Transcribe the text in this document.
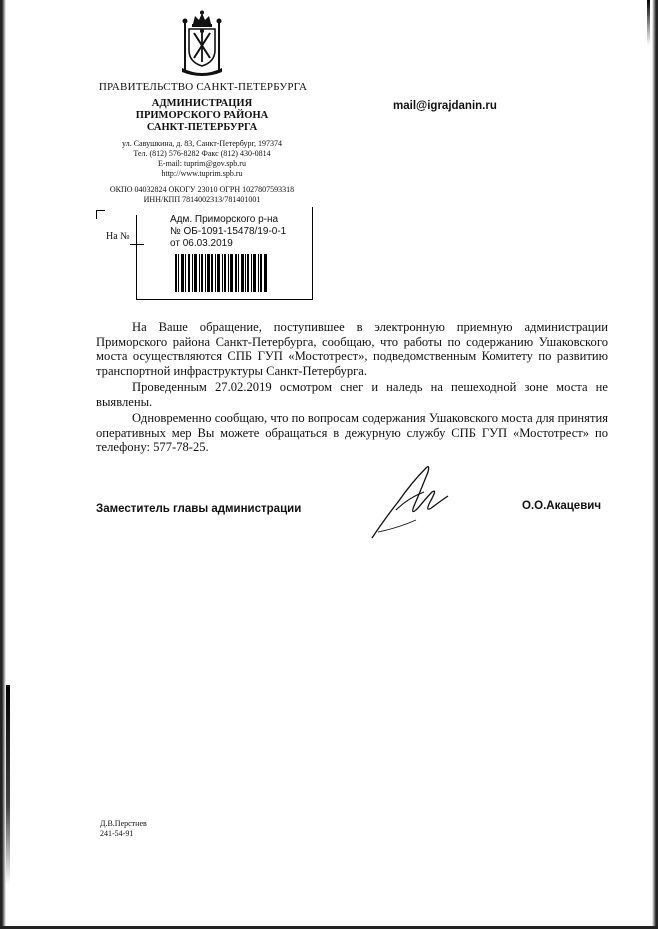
ПРАВИТЕЛЬСТВО САНКТ-ПЕТЕРБУРГА
АДМИНИСТРАЦИЯ
ПРИМОРСКОГО РАЙОНА
САНКТ-ПЕТЕРБУРГА
ул. Савушкина, д. 83, Санкт-Петербург, 197374
Тел. (812) 576-8282 Факс (812) 430-0814
E-mail: tuprim@gov.spb.ru
http://www.tuprim.spb.ru
ОКПО 04032824 ОКОГУ 23010 ОГРН 1027807593318
ИНН/КПП 7814002313/781401001
mail@igrajdanin.ru
На №
Адм. Приморского р-на
№ ОБ-1091-15478/19-0-1
от 06.03.2019

На Ваше обращение, поступившее в электронную приемную администрации Приморского района Санкт-Петербурга, сообщаю, что работы по содержанию Ушаковского моста осуществляются СПБ ГУП «Мостотрест», подведомственным Комитету по развитию транспортной инфраструктуры Санкт-Петербурга.

Проведенным 27.02.2019 осмотром снег и наледь на пешеходной зоне моста не выявлены.

Одновременно сообщаю, что по вопросам содержания Ушаковского моста для принятия оперативных мер Вы можете обращаться в дежурную службу СПБ ГУП «Мостотрест» по телефону: 577-78-25.

Заместитель главы администрации	О.О.Акацевич
Д.В.Перстнев
241-54-91
